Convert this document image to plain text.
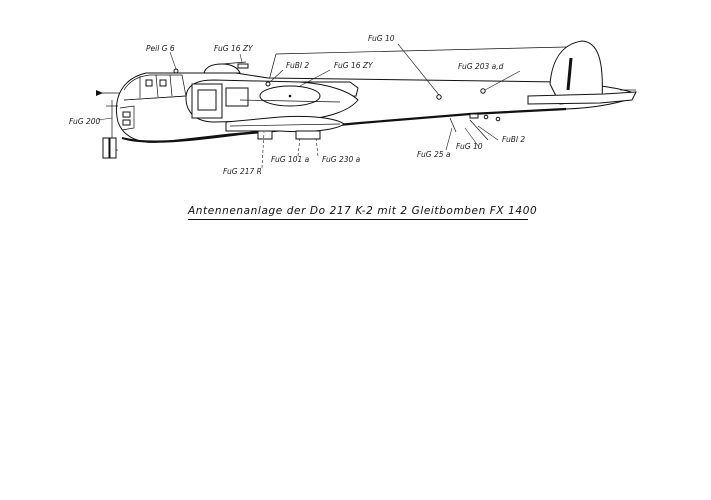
Peil G 6	FuG 16 ZY
FuBl 2	FuG 16 ZY
FuG 10
FuG 203 a,d
FuG 200
FuBl 2
FuG 10
FuG 25 a
FuG 217 R
FuG 101 a FuG 230 a
Antennenanlage der Do 217 K-2 mit 2 Gleitbomben FX 1400
